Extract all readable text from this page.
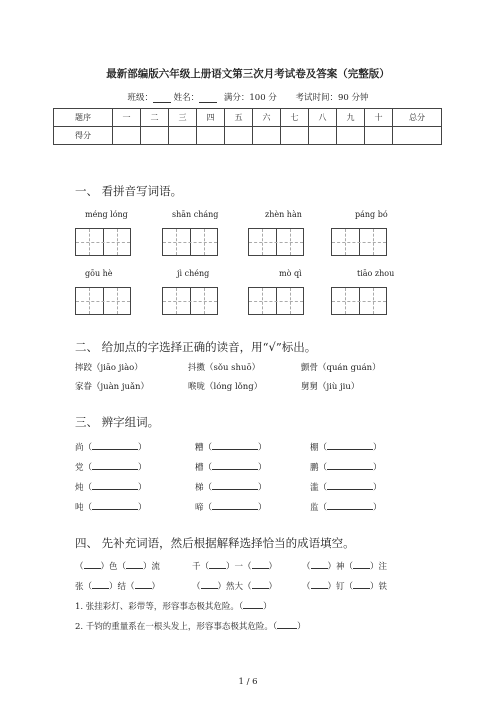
最新部编版六年级上册语文第三次月考试卷及答案（完整版）
班级： 姓名：	满分：100 分 考试时间：90 分钟
题序	一	二	三	四	五	六	七	八	九	十	总分
得分											
一、 看拼音写词语。
méng lóng	shān cháng	zhèn hàn	páng bó
gōu hè	jì chéng	mò qì	tiāo zhou
二、 给加点的字选择正确的读音，用“√”标出。
摔跤（jiāo jiào）	抖擞（sǒu shuō）	颤骨（quán guán）
家眷（juàn juǎn）	喉咙（lóng lǒng）	舅舅（jiù jiu）
三、 辨字组词。
尚（	）	糟（	）	棚（	）
党（	）	槽（	）	鹏（	）
炖（	）	梯（	）	滥（	）
吨（	）	啼（	）	监（	）
四、 先补充词语，然后根据解释选择恰当的成语填空。
（ ）色（ ）流	千（ ）一（ ）	（ ）神（ ）注
张（ ）结（ ）	（ ）然大（ ）	（ ）钉（ ）铁
1. 张挂彩灯、彩带等，形容事态极其危险。（ ）
2. 千钧的重量系在一根头发上，形容事态极其危险。（ ）
1 / 6
